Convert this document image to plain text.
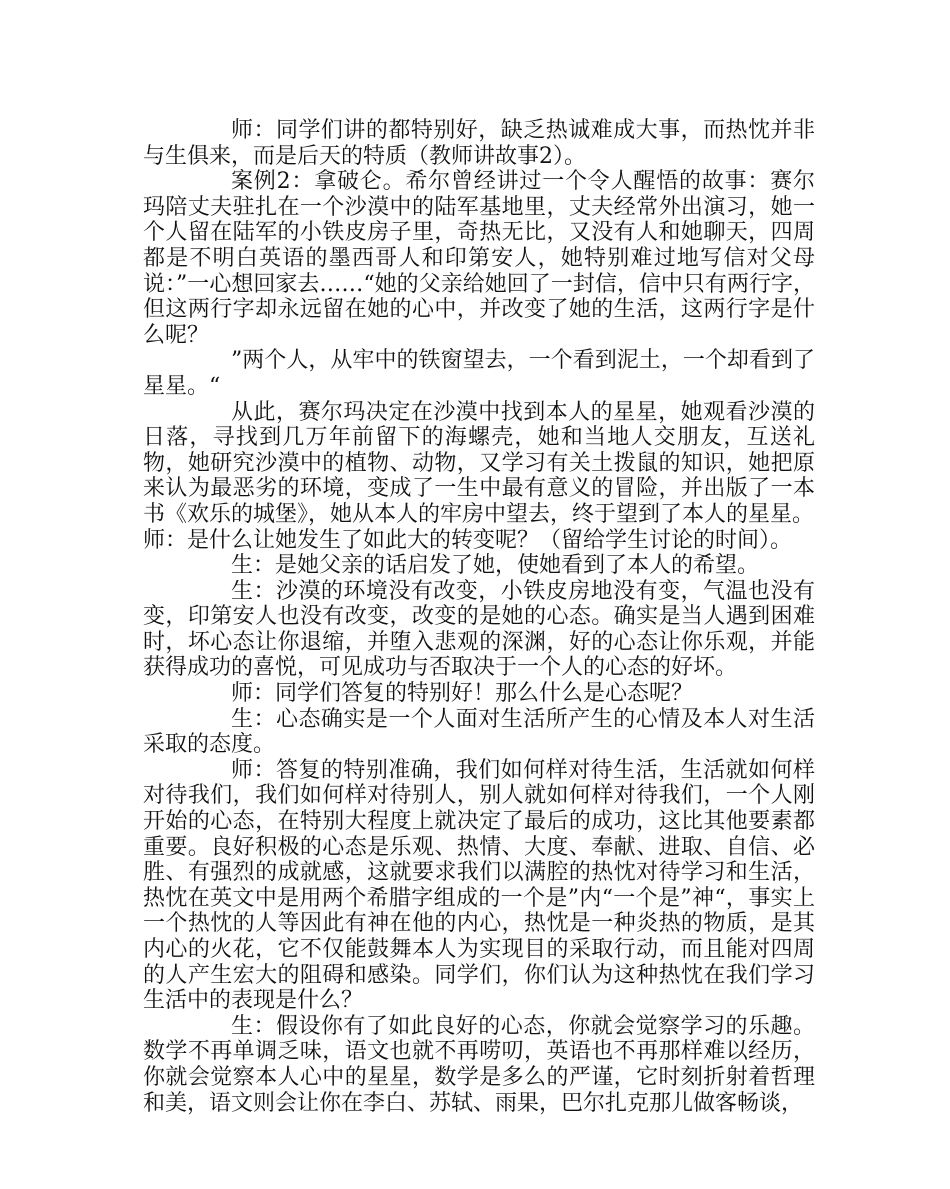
师：同学们讲的都特别好，缺乏热诚难成大事，而热忱并非与生俱来，而是后天的特质（教师讲故事2）。

案例2：拿破仑。希尔曾经讲过一个令人醒悟的故事：赛尔玛陪丈夫驻扎在一个沙漠中的陆军基地里，丈夫经常外出演习，她一个人留在陆军的小铁皮房子里，奇热无比，又没有人和她聊天，四周都是不明白英语的墨西哥人和印第安人，她特别难过地写信对父母说：”一心想回家去……“她的父亲给她回了一封信，信中只有两行字，但这两行字却永远留在她的心中，并改变了她的生活，这两行字是什么呢？

”两个人，从牢中的铁窗望去，一个看到泥土，一个却看到了星星。“

从此，赛尔玛决定在沙漠中找到本人的星星，她观看沙漠的日落，寻找到几万年前留下的海螺壳，她和当地人交朋友，互送礼物，她研究沙漠中的植物、动物，又学习有关土拨鼠的知识，她把原来认为最恶劣的环境，变成了一生中最有意义的冒险，并出版了一本书《欢乐的城堡》，她从本人的牢房中望去，终于望到了本人的星星。

师：是什么让她发生了如此大的转变呢？（留给学生讨论的时间）。

生：是她父亲的话启发了她，使她看到了本人的希望。

生：沙漠的环境没有改变，小铁皮房地没有变，气温也没有变，印第安人也没有改变，改变的是她的心态。确实是当人遇到困难时，坏心态让你退缩，并堕入悲观的深渊，好的心态让你乐观，并能获得成功的喜悦，可见成功与否取决于一个人的心态的好坏。

师：同学们答复的特别好！那么什么是心态呢？

生：心态确实是一个人面对生活所产生的心情及本人对生活采取的态度。

师：答复的特别准确，我们如何样对待生活，生活就如何样对待我们，我们如何样对待别人，别人就如何样对待我们，一个人刚开始的心态，在特别大程度上就决定了最后的成功，这比其他要素都重要。良好积极的心态是乐观、热情、大度、奉献、进取、自信、必胜、有强烈的成就感，这就要求我们以满腔的热忱对待学习和生活，热忱在英文中是用两个希腊字组成的一个是”内“一个是”神“，事实上一个热忱的人等因此有神在他的内心，热忱是一种炎热的物质，是其内心的火花，它不仅能鼓舞本人为实现目的采取行动，而且能对四周的人产生宏大的阻碍和感染。同学们，你们认为这种热忱在我们学习生活中的表现是什么？

生：假设你有了如此良好的心态，你就会觉察学习的乐趣。数学不再单调乏味，语文也就不再唠叨，英语也不再那样难以经历，你就会觉察本人心中的星星，数学是多么的严谨，它时刻折射着哲理和美，语文则会让你在李白、苏轼、雨果，巴尔扎克那儿做客畅谈，
